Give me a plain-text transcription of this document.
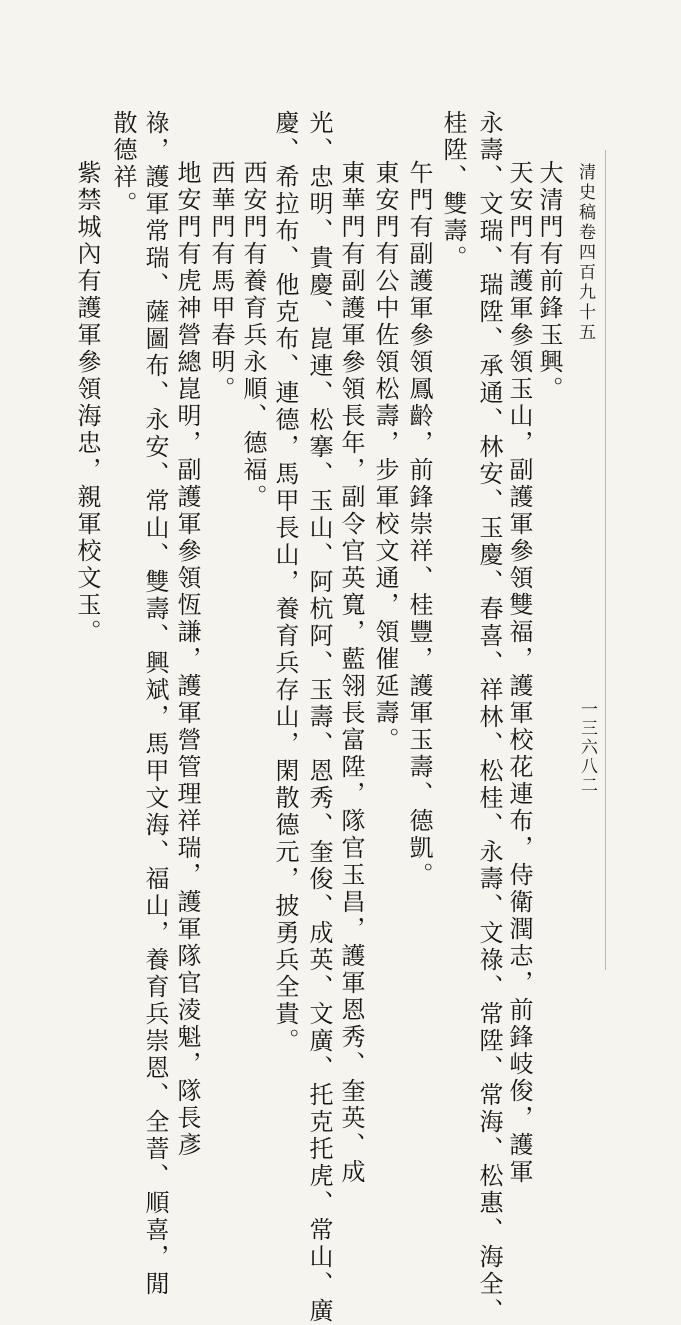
清史稿卷四百九十五
一三六八二
大清門有前鋒玉興。
天安門有護軍參領玉山，副護軍參領雙福，護軍校花連布，侍衛潤志，前鋒岐俊，護軍
永壽、文瑞、瑞陞、承通、林安、玉慶、春喜、祥林、松桂、永壽、文祿、常陞、常海、松惠、海全、
桂陞、雙壽。
午門有副護軍參領鳳齡，前鋒崇祥、桂豐，護軍玉壽、德凱。
東安門有公中佐領松壽，步軍校文通，領催延壽。
東華門有副護軍參領長年，副令官英寬，藍翎長富陞，隊官玉昌，護軍恩秀、奎英、成
光、忠明、貴慶、崑連、松搴、玉山、阿杭阿、玉壽、恩秀、奎俊、成英、文廣、托克托虎、常山、廣
慶、希拉布、他克布、連德，馬甲長山，養育兵存山，閑散德元，披勇兵全貴。
西安門有養育兵永順、德福。
西華門有馬甲春明。
地安門有虎神營總崑明，副護軍參領恆謙，護軍營管理祥瑞，護軍隊官淩魁，隊長彥
祿，護軍常瑞、薩圖布、永安、常山、雙壽、興斌，馬甲文海、福山，養育兵崇恩、全萻、順喜，閒
散德祥。
紫禁城內有護軍參領海忠，親軍校文玉。
